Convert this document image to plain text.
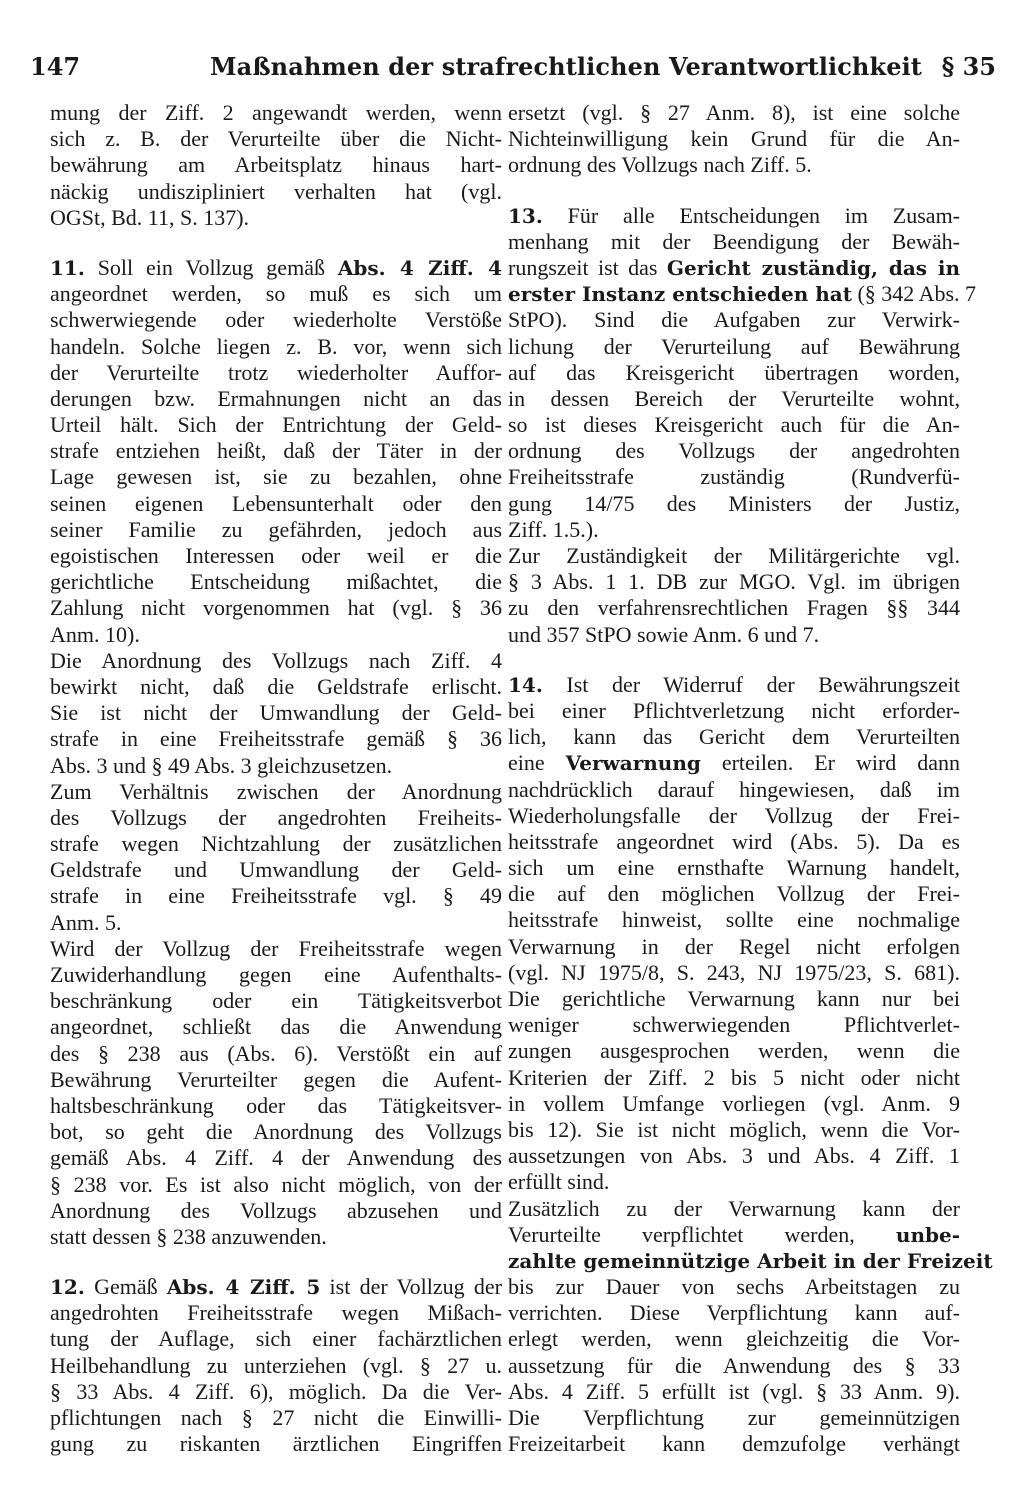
147	Maßnahmen der strafrechtlichen Verantwortlichkeit § 35
mung der Ziff. 2 angewandt werden, wenn
sich z. B. der Verurteilte über die Nicht-
bewährung am Arbeitsplatz hinaus hart-
näckig undiszipliniert verhalten hat (vgl.
OGSt, Bd. 11, S. 137).
11. Soll ein Vollzug gemäß Abs. 4 Ziff. 4
angeordnet werden, so muß es sich um
schwerwiegende oder wiederholte Verstöße
handeln. Solche liegen z. B. vor, wenn sich
der Verurteilte trotz wiederholter Auffor-
derungen bzw. Ermahnungen nicht an das
Urteil hält. Sich der Entrichtung der Geld-
strafe entziehen heißt, daß der Täter in der
Lage gewesen ist, sie zu bezahlen, ohne
seinen eigenen Lebensunterhalt oder den
seiner Familie zu gefährden, jedoch aus
egoistischen Interessen oder weil er die
gerichtliche Entscheidung mißachtet, die
Zahlung nicht vorgenommen hat (vgl. § 36
Anm. 10).
Die Anordnung des Vollzugs nach Ziff. 4
bewirkt nicht, daß die Geldstrafe erlischt.
Sie ist nicht der Umwandlung der Geld-
strafe in eine Freiheitsstrafe gemäß § 36
Abs. 3 und § 49 Abs. 3 gleichzusetzen.
Zum Verhältnis zwischen der Anordnung
des Vollzugs der angedrohten Freiheits-
strafe wegen Nichtzahlung der zusätzlichen
Geldstrafe und Umwandlung der Geld-
strafe in eine Freiheitsstrafe vgl. § 49
Anm. 5.
Wird der Vollzug der Freiheitsstrafe wegen
Zuwiderhandlung gegen eine Aufenthalts-
beschränkung oder ein Tätigkeitsverbot
angeordnet, schließt das die Anwendung
des § 238 aus (Abs. 6). Verstößt ein auf
Bewährung Verurteilter gegen die Aufent-
haltsbeschränkung oder das Tätigkeitsver-
bot, so geht die Anordnung des Vollzugs
gemäß Abs. 4 Ziff. 4 der Anwendung des
§ 238 vor. Es ist also nicht möglich, von der
Anordnung des Vollzugs abzusehen und
statt dessen § 238 anzuwenden.
12. Gemäß Abs. 4 Ziff. 5 ist der Vollzug der
angedrohten Freiheitsstrafe wegen Mißach-
tung der Auflage, sich einer fachärztlichen
Heilbehandlung zu unterziehen (vgl. § 27 u.
§ 33 Abs. 4 Ziff. 6), möglich. Da die Ver-
pflichtungen nach § 27 nicht die Einwilli-
gung zu riskanten ärztlichen Eingriffen
ersetzt (vgl. § 27 Anm. 8), ist eine solche
Nichteinwilligung kein Grund für die An-
ordnung des Vollzugs nach Ziff. 5.
13. Für alle Entscheidungen im Zusam-
menhang mit der Beendigung der Bewäh-
rungszeit ist das Gericht zuständig, das in
erster Instanz entschieden hat (§ 342 Abs. 7
StPO). Sind die Aufgaben zur Verwirk-
lichung der Verurteilung auf Bewährung
auf das Kreisgericht übertragen worden,
in dessen Bereich der Verurteilte wohnt,
so ist dieses Kreisgericht auch für die An-
ordnung des Vollzugs der angedrohten
Freiheitsstrafe zuständig (Rundverfü-
gung 14/75 des Ministers der Justiz,
Ziff. 1.5.).
Zur Zuständigkeit der Militärgerichte vgl.
§ 3 Abs. 1 1. DB zur MGO. Vgl. im übrigen
zu den verfahrensrechtlichen Fragen §§ 344
und 357 StPO sowie Anm. 6 und 7.
14. Ist der Widerruf der Bewährungszeit
bei einer Pflichtverletzung nicht erforder-
lich, kann das Gericht dem Verurteilten
eine Verwarnung erteilen. Er wird dann
nachdrücklich darauf hingewiesen, daß im
Wiederholungsfalle der Vollzug der Frei-
heitsstrafe angeordnet wird (Abs. 5). Da es
sich um eine ernsthafte Warnung handelt,
die auf den möglichen Vollzug der Frei-
heitsstrafe hinweist, sollte eine nochmalige
Verwarnung in der Regel nicht erfolgen
(vgl. NJ 1975/8, S. 243, NJ 1975/23, S. 681).
Die gerichtliche Verwarnung kann nur bei
weniger schwerwiegenden Pflichtverlet-
zungen ausgesprochen werden, wenn die
Kriterien der Ziff. 2 bis 5 nicht oder nicht
in vollem Umfange vorliegen (vgl. Anm. 9
bis 12). Sie ist nicht möglich, wenn die Vor-
aussetzungen von Abs. 3 und Abs. 4 Ziff. 1
erfüllt sind.
Zusätzlich zu der Verwarnung kann der
Verurteilte verpflichtet werden, unbe-
zahlte gemeinnützige Arbeit in der Freizeit
bis zur Dauer von sechs Arbeitstagen zu
verrichten. Diese Verpflichtung kann auf-
erlegt werden, wenn gleichzeitig die Vor-
aussetzung für die Anwendung des § 33
Abs. 4 Ziff. 5 erfüllt ist (vgl. § 33 Anm. 9).
Die Verpflichtung zur gemeinnützigen
Freizeitarbeit kann demzufolge verhängt
